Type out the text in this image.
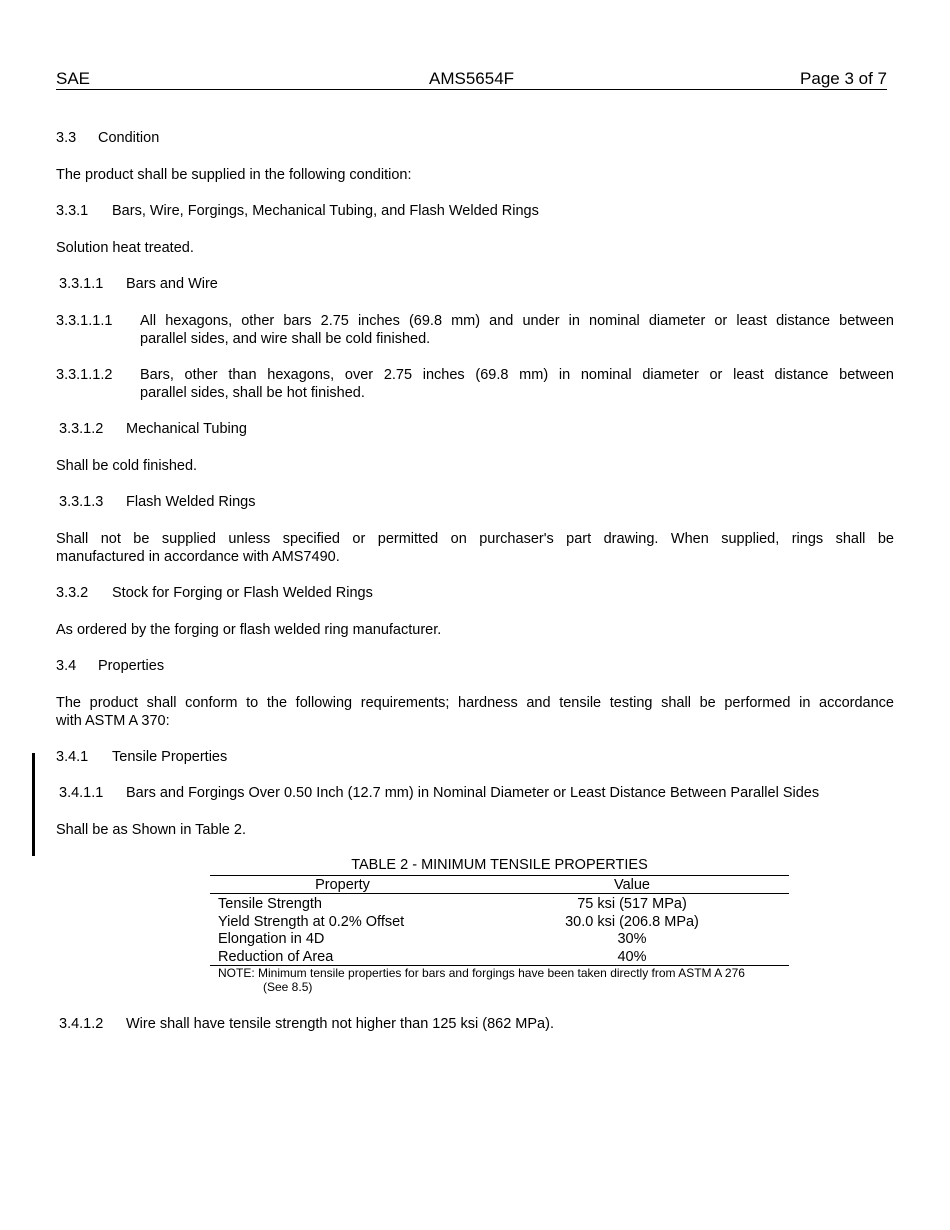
SAE	AMS5654F	Page 3 of 7
3.3 Condition
The product shall be supplied in the following condition:
3.3.1 Bars, Wire, Forgings, Mechanical Tubing, and Flash Welded Rings
Solution heat treated.
3.3.1.1 Bars and Wire
3.3.1.1.1 All hexagons, other bars 2.75 inches (69.8 mm) and under in nominal diameter or least distance between
parallel sides, and wire shall be cold finished.
3.3.1.1.2 Bars, other than hexagons, over 2.75 inches (69.8 mm) in nominal diameter or least distance between
parallel sides, shall be hot finished.
3.3.1.2 Mechanical Tubing
Shall be cold finished.
3.3.1.3 Flash Welded Rings
Shall not be supplied unless specified or permitted on purchaser's part drawing. When supplied, rings shall be
manufactured in accordance with AMS7490.
3.3.2 Stock for Forging or Flash Welded Rings
As ordered by the forging or flash welded ring manufacturer.
3.4 Properties
The product shall conform to the following requirements; hardness and tensile testing shall be performed in accordance
with ASTM A 370:
3.4.1 Tensile Properties
3.4.1.1 Bars and Forgings Over 0.50 Inch (12.7 mm) in Nominal Diameter or Least Distance Between Parallel Sides
Shall be as Shown in Table 2.
TABLE 2 - MINIMUM TENSILE PROPERTIES
Property	Value
Tensile Strength	75 ksi (517 MPa)
Yield Strength at 0.2% Offset	30.0 ksi (206.8 MPa)
Elongation in 4D	30%
Reduction of Area	40%
NOTE: Minimum tensile properties for bars and forgings have been taken directly from ASTM A 276
(See 8.5)
3.4.1.2 Wire shall have tensile strength not higher than 125 ksi (862 MPa).
